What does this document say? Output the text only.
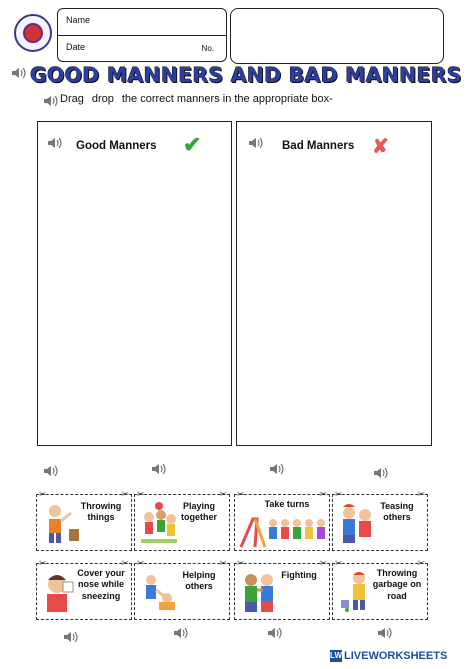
Name
Date	No.
GOOD MANNERS AND BAD MANNERS
Drag drop the correct manners in the appropriate box-
Good Manners ✔	Bad Manners ✘
✂	✂
Throwing things
✂	✂
Playing together
✂	✂
Take turns
✂	✂
Teasing others
✂	✂
Cover your nose while sneezing
✂	✂
Helping others
✂	✂
Fighting
✂	✂
Throwing garbage on road
LW LIVEWORKSHEETS
